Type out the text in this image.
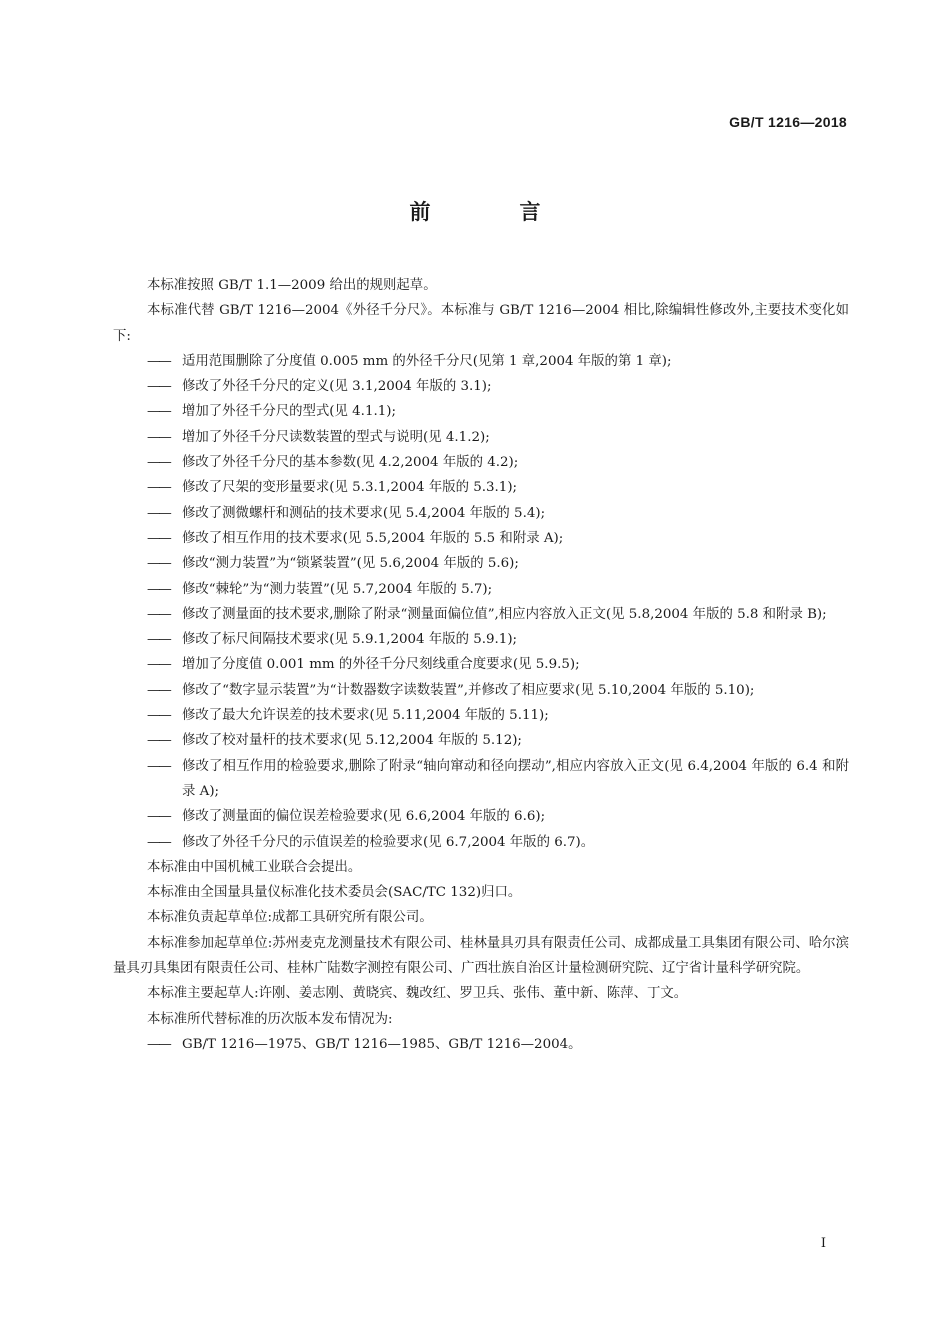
GB/T 1216—2018
前　言
本标准按照 GB/T 1.1—2009 给出的规则起草。
本标准代替 GB/T 1216—2004《外径千分尺》。本标准与 GB/T 1216—2004 相比,除编辑性修改外,主要技术变化如下:
—— 适用范围删除了分度值 0.005 mm 的外径千分尺(见第 1 章,2004 年版的第 1 章);
—— 修改了外径千分尺的定义(见 3.1,2004 年版的 3.1);
—— 增加了外径千分尺的型式(见 4.1.1);
—— 增加了外径千分尺读数装置的型式与说明(见 4.1.2);
—— 修改了外径千分尺的基本参数(见 4.2,2004 年版的 4.2);
—— 修改了尺架的变形量要求(见 5.3.1,2004 年版的 5.3.1);
—— 修改了测微螺杆和测砧的技术要求(见 5.4,2004 年版的 5.4);
—— 修改了相互作用的技术要求(见 5.5,2004 年版的 5.5 和附录 A);
—— 修改“测力装置”为“锁紧装置”(见 5.6,2004 年版的 5.6);
—— 修改“棘轮”为“测力装置”(见 5.7,2004 年版的 5.7);
—— 修改了测量面的技术要求,删除了附录“测量面偏位值”,相应内容放入正文(见 5.8,2004 年版的 5.8 和附录 B);
—— 修改了标尺间隔技术要求(见 5.9.1,2004 年版的 5.9.1);
—— 增加了分度值 0.001 mm 的外径千分尺刻线重合度要求(见 5.9.5);
—— 修改了“数字显示装置”为“计数器数字读数装置”,并修改了相应要求(见 5.10,2004 年版的 5.10);
—— 修改了最大允许误差的技术要求(见 5.11,2004 年版的 5.11);
—— 修改了校对量杆的技术要求(见 5.12,2004 年版的 5.12);
—— 修改了相互作用的检验要求,删除了附录“轴向窜动和径向摆动”,相应内容放入正文(见 6.4,2004 年版的 6.4 和附录 A);
—— 修改了测量面的偏位误差检验要求(见 6.6,2004 年版的 6.6);
—— 修改了外径千分尺的示值误差的检验要求(见 6.7,2004 年版的 6.7)。
本标准由中国机械工业联合会提出。
本标准由全国量具量仪标准化技术委员会(SAC/TC 132)归口。
本标准负责起草单位:成都工具研究所有限公司。
本标准参加起草单位:苏州麦克龙测量技术有限公司、桂林量具刃具有限责任公司、成都成量工具集团有限公司、哈尔滨量具刃具集团有限责任公司、桂林广陆数字测控有限公司、广西壮族自治区计量检测研究院、辽宁省计量科学研究院。
本标准主要起草人:许刚、姜志刚、黄晓宾、魏改红、罗卫兵、张伟、董中新、陈萍、丁文。
本标准所代替标准的历次版本发布情况为:
—— GB/T 1216—1975、GB/T 1216—1985、GB/T 1216—2004。
I
